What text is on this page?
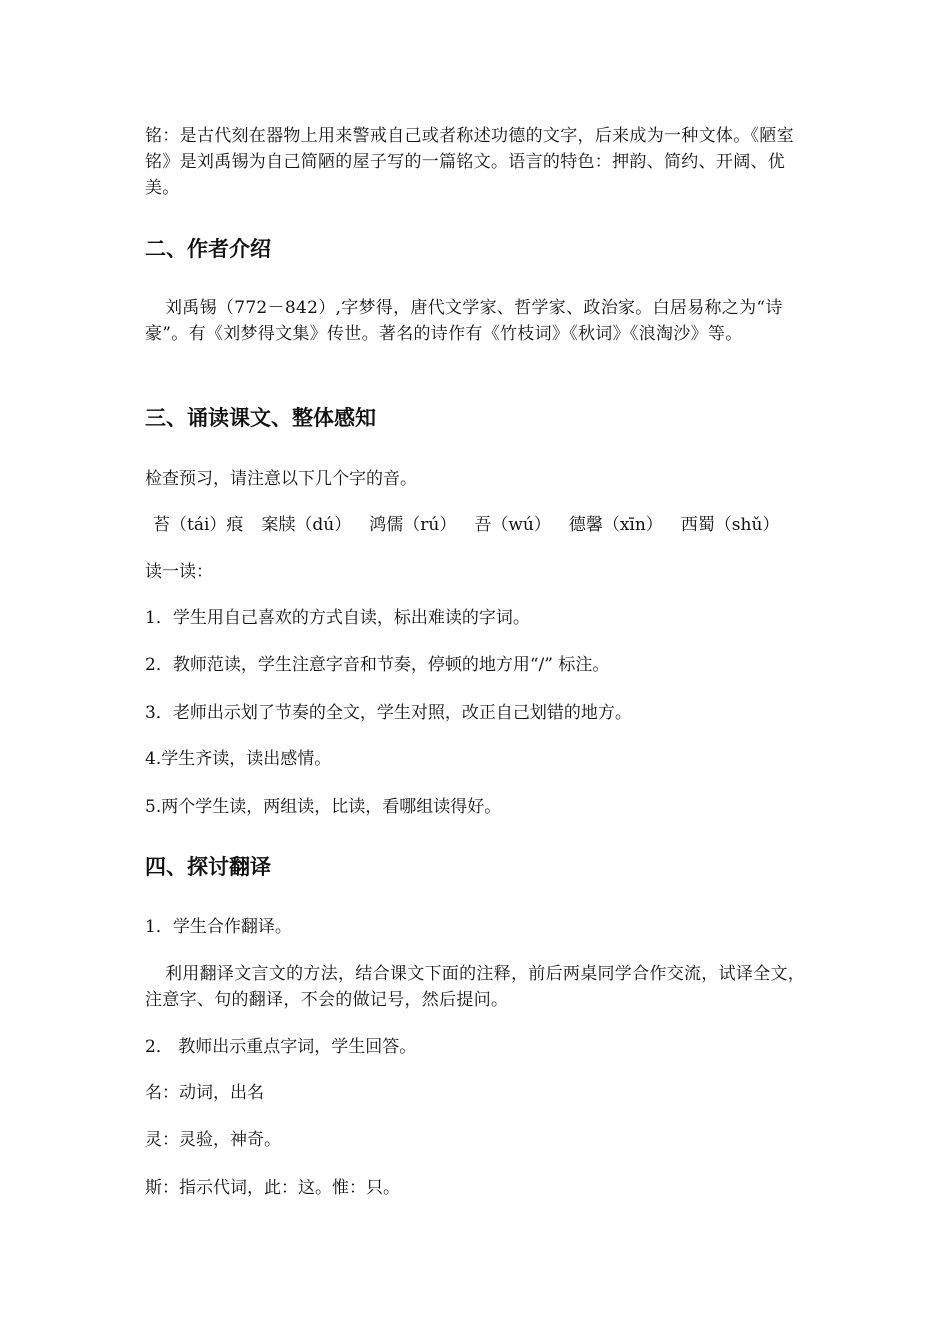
铭：是古代刻在器物上用来警戒自己或者称述功德的文字，后来成为一种文体。《陋室铭》是刘禹锡为自己简陋的屋子写的一篇铭文。语言的特色：押韵、简约、开阔、优美。

二、作者介绍

刘禹锡（772－842）,字梦得，唐代文学家、哲学家、政治家。白居易称之为“诗豪”。有《刘梦得文集》传世。著名的诗作有《竹枝词》《秋词》《浪淘沙》等。

三、诵读课文、整体感知
检查预习，请注意以下几个字的音。
苔（tái）痕 案牍（dú） 鸿儒（rú） 吾（wú） 德馨（xīn） 西蜀（shǔ）
读一读：
1．学生用自己喜欢的方式自读，标出难读的字词。
2．教师范读，学生注意字音和节奏，停顿的地方用“/” 标注。
3．老师出示划了节奏的全文，学生对照，改正自己划错的地方。
4.学生齐读，读出感情。
5.两个学生读，两组读，比读，看哪组读得好。
四、探讨翻译
1．学生合作翻译。

利用翻译文言文的方法，结合课文下面的注释，前后两桌同学合作交流，试译全文，注意字、句的翻译，不会的做记号，然后提问。

2． 教师出示重点字词，学生回答。
名：动词，出名
灵：灵验，神奇。
斯：指示代词，此：这。惟：只。
